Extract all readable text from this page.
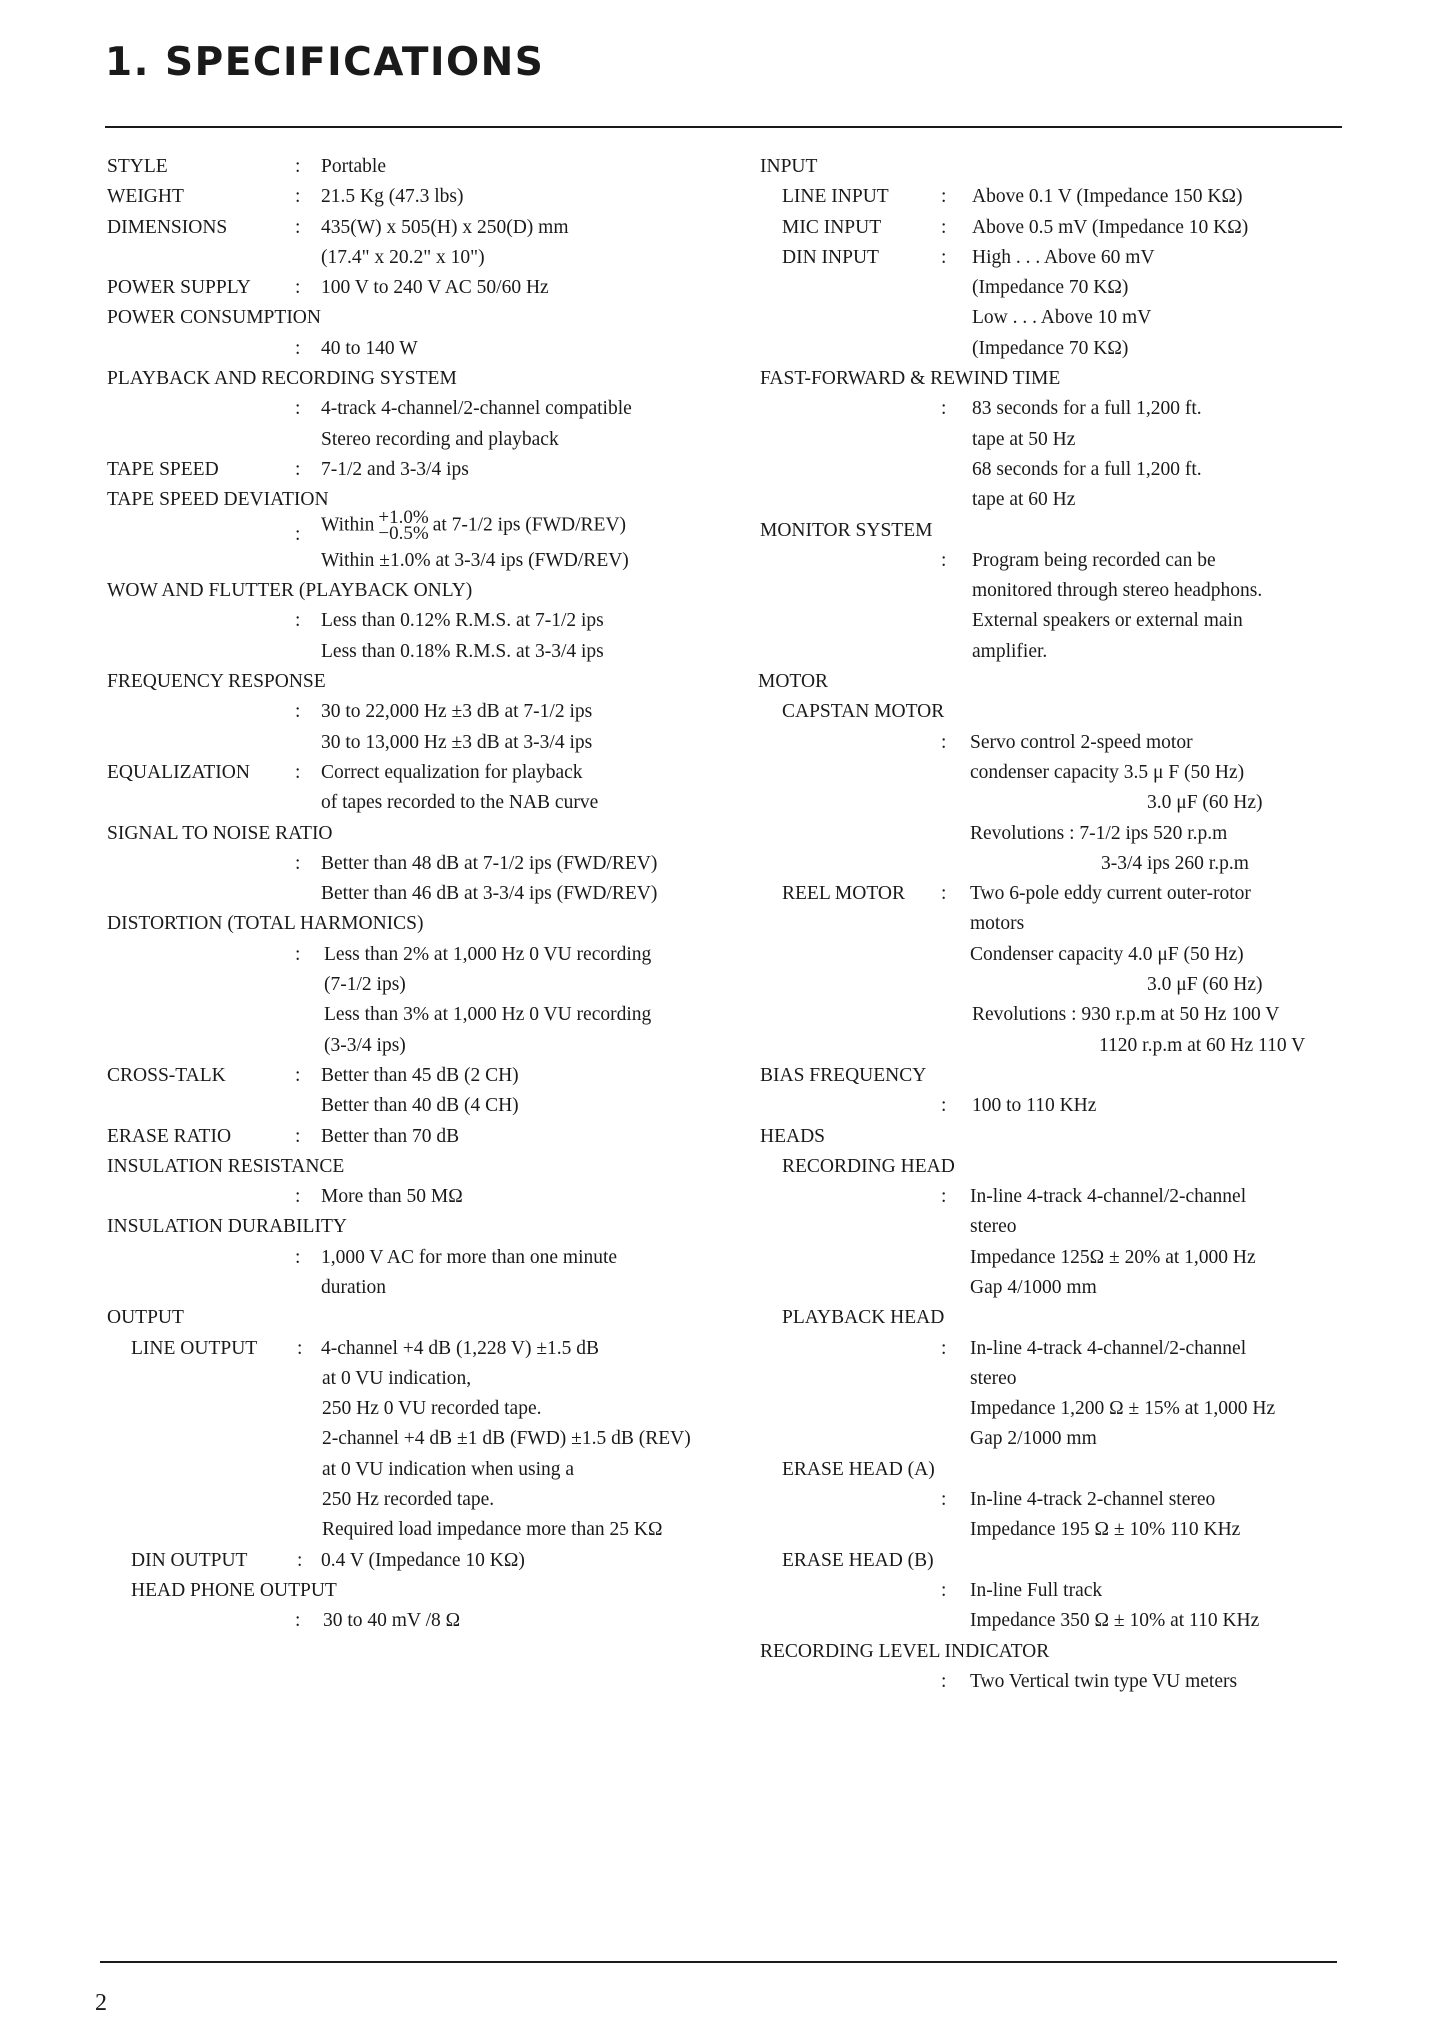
1. SPECIFICATIONS
STYLE	: Portable
WEIGHT	: 21.5 Kg (47.3 lbs)
DIMENSIONS	: 435(W) x 505(H) x 250(D) mm
(17.4" x 20.2" x 10")
POWER SUPPLY : 100 V to 240 V AC 50/60 Hz
POWER CONSUMPTION
: 40 to 140 W
PLAYBACK AND RECORDING SYSTEM
: 4-track 4-channel/2-channel compatible
Stereo recording and playback
TAPE SPEED	: 7-1/2 and 3-3/4 ips
TAPE SPEED DEVIATION
: Within +1.0%
−0.5% at 7-1/2 ips (FWD/REV)
Within ±1.0% at 3-3/4 ips (FWD/REV)
WOW AND FLUTTER (PLAYBACK ONLY)
: Less than 0.12% R.M.S. at 7-1/2 ips
Less than 0.18% R.M.S. at 3-3/4 ips
FREQUENCY RESPONSE
: 30 to 22,000 Hz ±3 dB at 7-1/2 ips
30 to 13,000 Hz ±3 dB at 3-3/4 ips
EQUALIZATION : Correct equalization for playback
of tapes recorded to the NAB curve
SIGNAL TO NOISE RATIO
: Better than 48 dB at 7-1/2 ips (FWD/REV)
Better than 46 dB at 3-3/4 ips (FWD/REV)
DISTORTION (TOTAL HARMONICS)
: Less than 2% at 1,000 Hz 0 VU recording
(7-1/2 ips)
Less than 3% at 1,000 Hz 0 VU recording
(3-3/4 ips)
CROSS-TALK	: Better than 45 dB (2 CH)
Better than 40 dB (4 CH)
ERASE RATIO	: Better than 70 dB
INSULATION RESISTANCE
: More than 50 MΩ
INSULATION DURABILITY
: 1,000 V AC for more than one minute
duration
OUTPUT
LINE OUTPUT : 4-channel +4 dB (1,228 V) ±1.5 dB
at 0 VU indication,
250 Hz 0 VU recorded tape.
2-channel +4 dB ±1 dB (FWD) ±1.5 dB (REV)
at 0 VU indication when using a
250 Hz recorded tape.
Required load impedance more than 25 KΩ
DIN OUTPUT	: 0.4 V (Impedance 10 KΩ)
HEAD PHONE OUTPUT
: 30 to 40 mV /8 Ω
INPUT
LINE INPUT	: Above 0.1 V (Impedance 150 KΩ)
MIC INPUT	: Above 0.5 mV (Impedance 10 KΩ)
DIN INPUT	: High . . . Above 60 mV
(Impedance 70 KΩ)
Low . . . Above 10 mV
(Impedance 70 KΩ)
FAST-FORWARD & REWIND TIME
: 83 seconds for a full 1,200 ft.
tape at 50 Hz
68 seconds for a full 1,200 ft.
tape at 60 Hz
MONITOR SYSTEM
: Program being recorded can be
monitored through stereo headphons.
External speakers or external main
amplifier.
MOTOR
CAPSTAN MOTOR
: Servo control 2-speed motor
condenser capacity 3.5 μ F (50 Hz)
3.0 μF (60 Hz)
Revolutions : 7-1/2 ips 520 r.p.m
3-3/4 ips 260 r.p.m
REEL MOTOR : Two 6-pole eddy current outer-rotor
motors
Condenser capacity 4.0 μF (50 Hz)
3.0 μF (60 Hz)
Revolutions : 930 r.p.m at 50 Hz 100 V
1120 r.p.m at 60 Hz 110 V
BIAS FREQUENCY
: 100 to 110 KHz
HEADS
RECORDING HEAD
: In-line 4-track 4-channel/2-channel
stereo
Impedance 125Ω ± 20% at 1,000 Hz
Gap 4/1000 mm
PLAYBACK HEAD
: In-line 4-track 4-channel/2-channel
stereo
Impedance 1,200 Ω ± 15% at 1,000 Hz
Gap 2/1000 mm
ERASE HEAD (A)
: In-line 4-track 2-channel stereo
Impedance 195 Ω ± 10% 110 KHz
ERASE HEAD (B)
: In-line Full track
Impedance 350 Ω ± 10% at 110 KHz
RECORDING LEVEL INDICATOR
: Two Vertical twin type VU meters
2
